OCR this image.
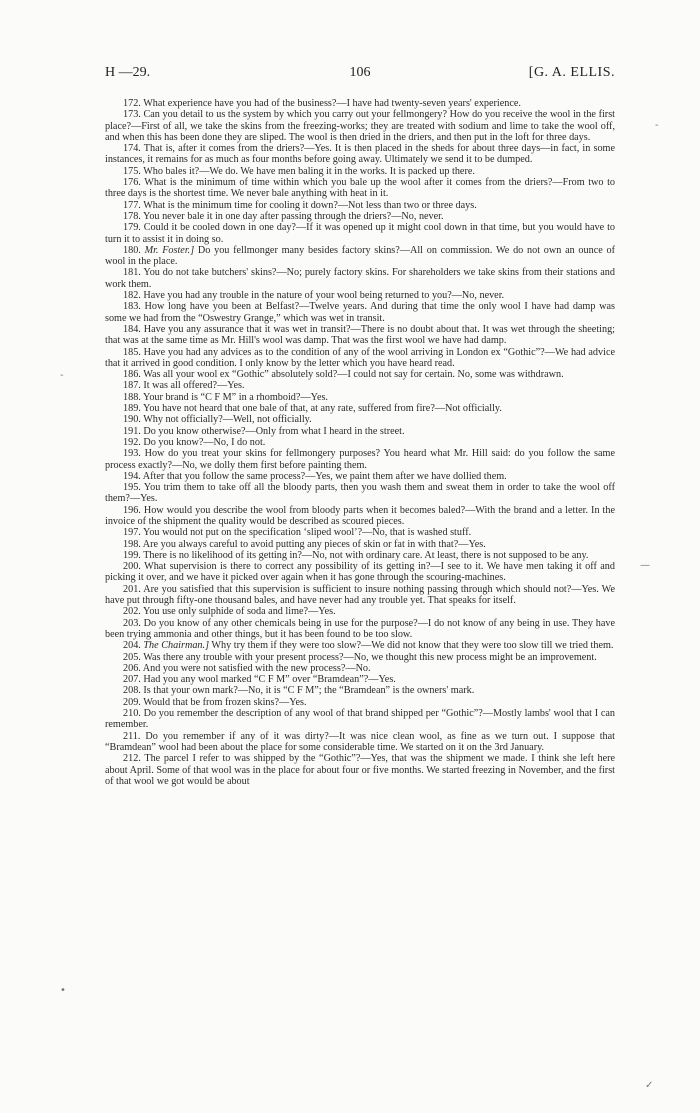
H —29.	106	[G. A. ELLIS.
-
-
—
•
✓

172. What experience have you had of the business?—I have had twenty-seven years' experience.

173. Can you detail to us the system by which you carry out your fellmongery? How do you receive the wool in the first place?—First of all, we take the skins from the freezing-works; they are treated with sodium and lime to take the wool off, and when this has been done they are sliped. The wool is then dried in the driers, and then put in the loft for three days.

174. That is, after it comes from the driers?—Yes. It is then placed in the sheds for about three days—in fact, in some instances, it remains for as much as four months before going away. Ultimately we send it to be dumped.

175. Who bales it?—We do. We have men baling it in the works. It is packed up there.

176. What is the minimum of time within which you bale up the wool after it comes from the driers?—From two to three days is the shortest time. We never bale anything with heat in it.

177. What is the minimum time for cooling it down?—Not less than two or three days.

178. You never bale it in one day after passing through the driers?—No, never.

179. Could it be cooled down in one day?—If it was opened up it might cool down in that time, but you would have to turn it to assist it in doing so.

180. Mr. Foster.] Do you fellmonger many besides factory skins?—All on commission. We do not own an ounce of wool in the place.

181. You do not take butchers' skins?—No; purely factory skins. For shareholders we take skins from their stations and work them.

182. Have you had any trouble in the nature of your wool being returned to you?—No, never.

183. How long have you been at Belfast?—Twelve years. And during that time the only wool I have had damp was some we had from the “Oswestry Grange,” which was wet in transit.

184. Have you any assurance that it was wet in transit?—There is no doubt about that. It was wet through the sheeting; that was at the same time as Mr. Hill's wool was damp. That was the first wool we have had damp.

185. Have you had any advices as to the condition of any of the wool arriving in London ex “Gothic”?—We had advice that it arrived in good condition. I only know by the letter which you have heard read.

186. Was all your wool ex “Gothic” absolutely sold?—I could not say for certain. No, some was withdrawn.

187. It was all offered?—Yes.

188. Your brand is “C F M” in a rhomboid?—Yes.

189. You have not heard that one bale of that, at any rate, suffered from fire?—Not officially.

190. Why not officially?—Well, not officially.

191. Do you know otherwise?—Only from what I heard in the street.

192. Do you know?—No, I do not.

193. How do you treat your skins for fellmongery purposes? You heard what Mr. Hill said: do you follow the same process exactly?—No, we dolly them first before painting them.

194. After that you follow the same process?—Yes, we paint them after we have dollied them.

195. You trim them to take off all the bloody parts, then you wash them and sweat them in order to take the wool off them?—Yes.

196. How would you describe the wool from bloody parts when it becomes baled?—With the brand and a letter. In the invoice of the shipment the quality would be described as scoured pieces.

197. You would not put on the specification ‘sliped wool’?—No, that is washed stuff.

198. Are you always careful to avoid putting any pieces of skin or fat in with that?—Yes.

199. There is no likelihood of its getting in?—No, not with ordinary care. At least, there is not supposed to be any.

200. What supervision is there to correct any possibility of its getting in?—I see to it. We have men taking it off and picking it over, and we have it picked over again when it has gone through the scouring-machines.

201. Are you satisfied that this supervision is sufficient to insure nothing passing through which should not?—Yes. We have put through fifty-one thousand bales, and have never had any trouble yet. That speaks for itself.

202. You use only sulphide of soda and lime?—Yes.

203. Do you know of any other chemicals being in use for the purpose?—I do not know of any being in use. They have been trying ammonia and other things, but it has been found to be too slow.

204. The Chairman.] Why try them if they were too slow?—We did not know that they were too slow till we tried them.

205. Was there any trouble with your present process?—No, we thought this new process might be an improvement.

206. And you were not satisfied with the new process?—No.

207. Had you any wool marked “C F M” over “Bramdean”?—Yes.

208. Is that your own mark?—No, it is “C F M”; the “Bramdean” is the owners' mark.

209. Would that be from frozen skins?—Yes.

210. Do you remember the description of any wool of that brand shipped per “Gothic”?—Mostly lambs' wool that I can remember.

211. Do you remember if any of it was dirty?—It was nice clean wool, as fine as we turn out. I suppose that “Bramdean” wool had been about the place for some considerable time. We started on it on the 3rd January.

212. The parcel I refer to was shipped by the “Gothic”?—Yes, that was the shipment we made. I think she left here about April. Some of that wool was in the place for about four or five months. We started freezing in November, and the first of that wool we got would be about
